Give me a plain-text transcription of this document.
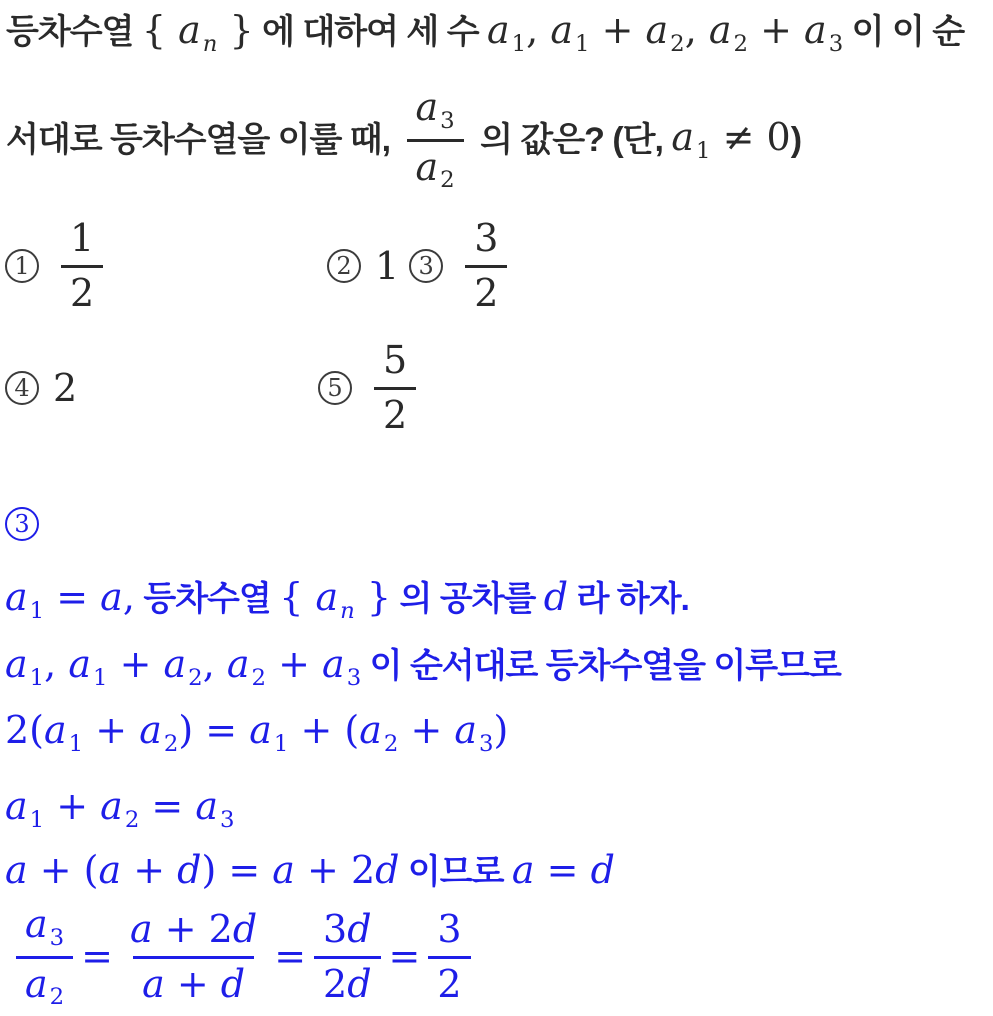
등차수열 { $a_n$ } 에 대하여 세 수 $a_1$, $a_1 + a_2$, $a_2 + a_3$ 이 이 순
서대로 등차수열을 이룰 때, $\frac{a_3}{a_2}$ 의 값은? (단, $a_1 \ne 0$ )
$1 \frac{1}{2}$	2 1 $3 \frac{3}{2}$
4 2	$5 \frac{5}{2}$
3
$a_1 = a$, 등차수열 { $a_n$ } 의 공차를 d 라 하자.
$a_1$, $a_1 + a_2$, $a_2 + a_3$ 이 순서대로 등차수열을 이루므로
$2(a_1 + a_2) = a_1 + (a_2 + a_3)$
$a_1 + a_2 = a_3$
a + (a + d) = a + 2d 이므로 a = d
$\frac{a_3}{a_2} = \frac{a + 2d}{a + d} = \frac{3d}{2d} = \frac{3}{2}$
